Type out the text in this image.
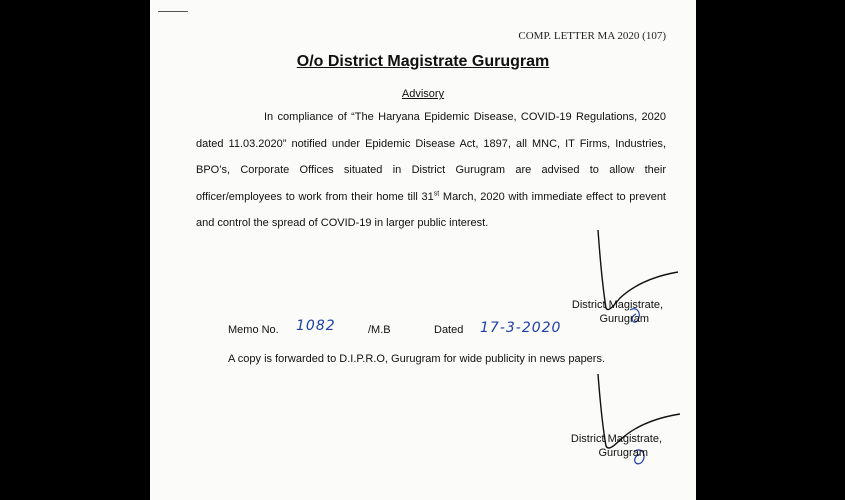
COMP. LETTER MA 2020 (107)
O/o District Magistrate Gurugram
Advisory
In compliance of “The Haryana Epidemic Disease, COVID-19 Regulations, 2020 dated 11.03.2020” notified under Epidemic Disease Act, 1897, all MNC, IT Firms, Industries, BPO’s, Corporate Offices situated in District Gurugram are advised to allow their officer/employees to work from their home till 31st March, 2020 with immediate effect to prevent and control the spread of COVID-19 in larger public interest.
District Magistrate,
Gurugram
Memo No. 1082	/M.B	Dated 17-3-2020
A copy is forwarded to D.I.P.R.O, Gurugram for wide publicity in news papers.
District Magistrate,
Gurugram
